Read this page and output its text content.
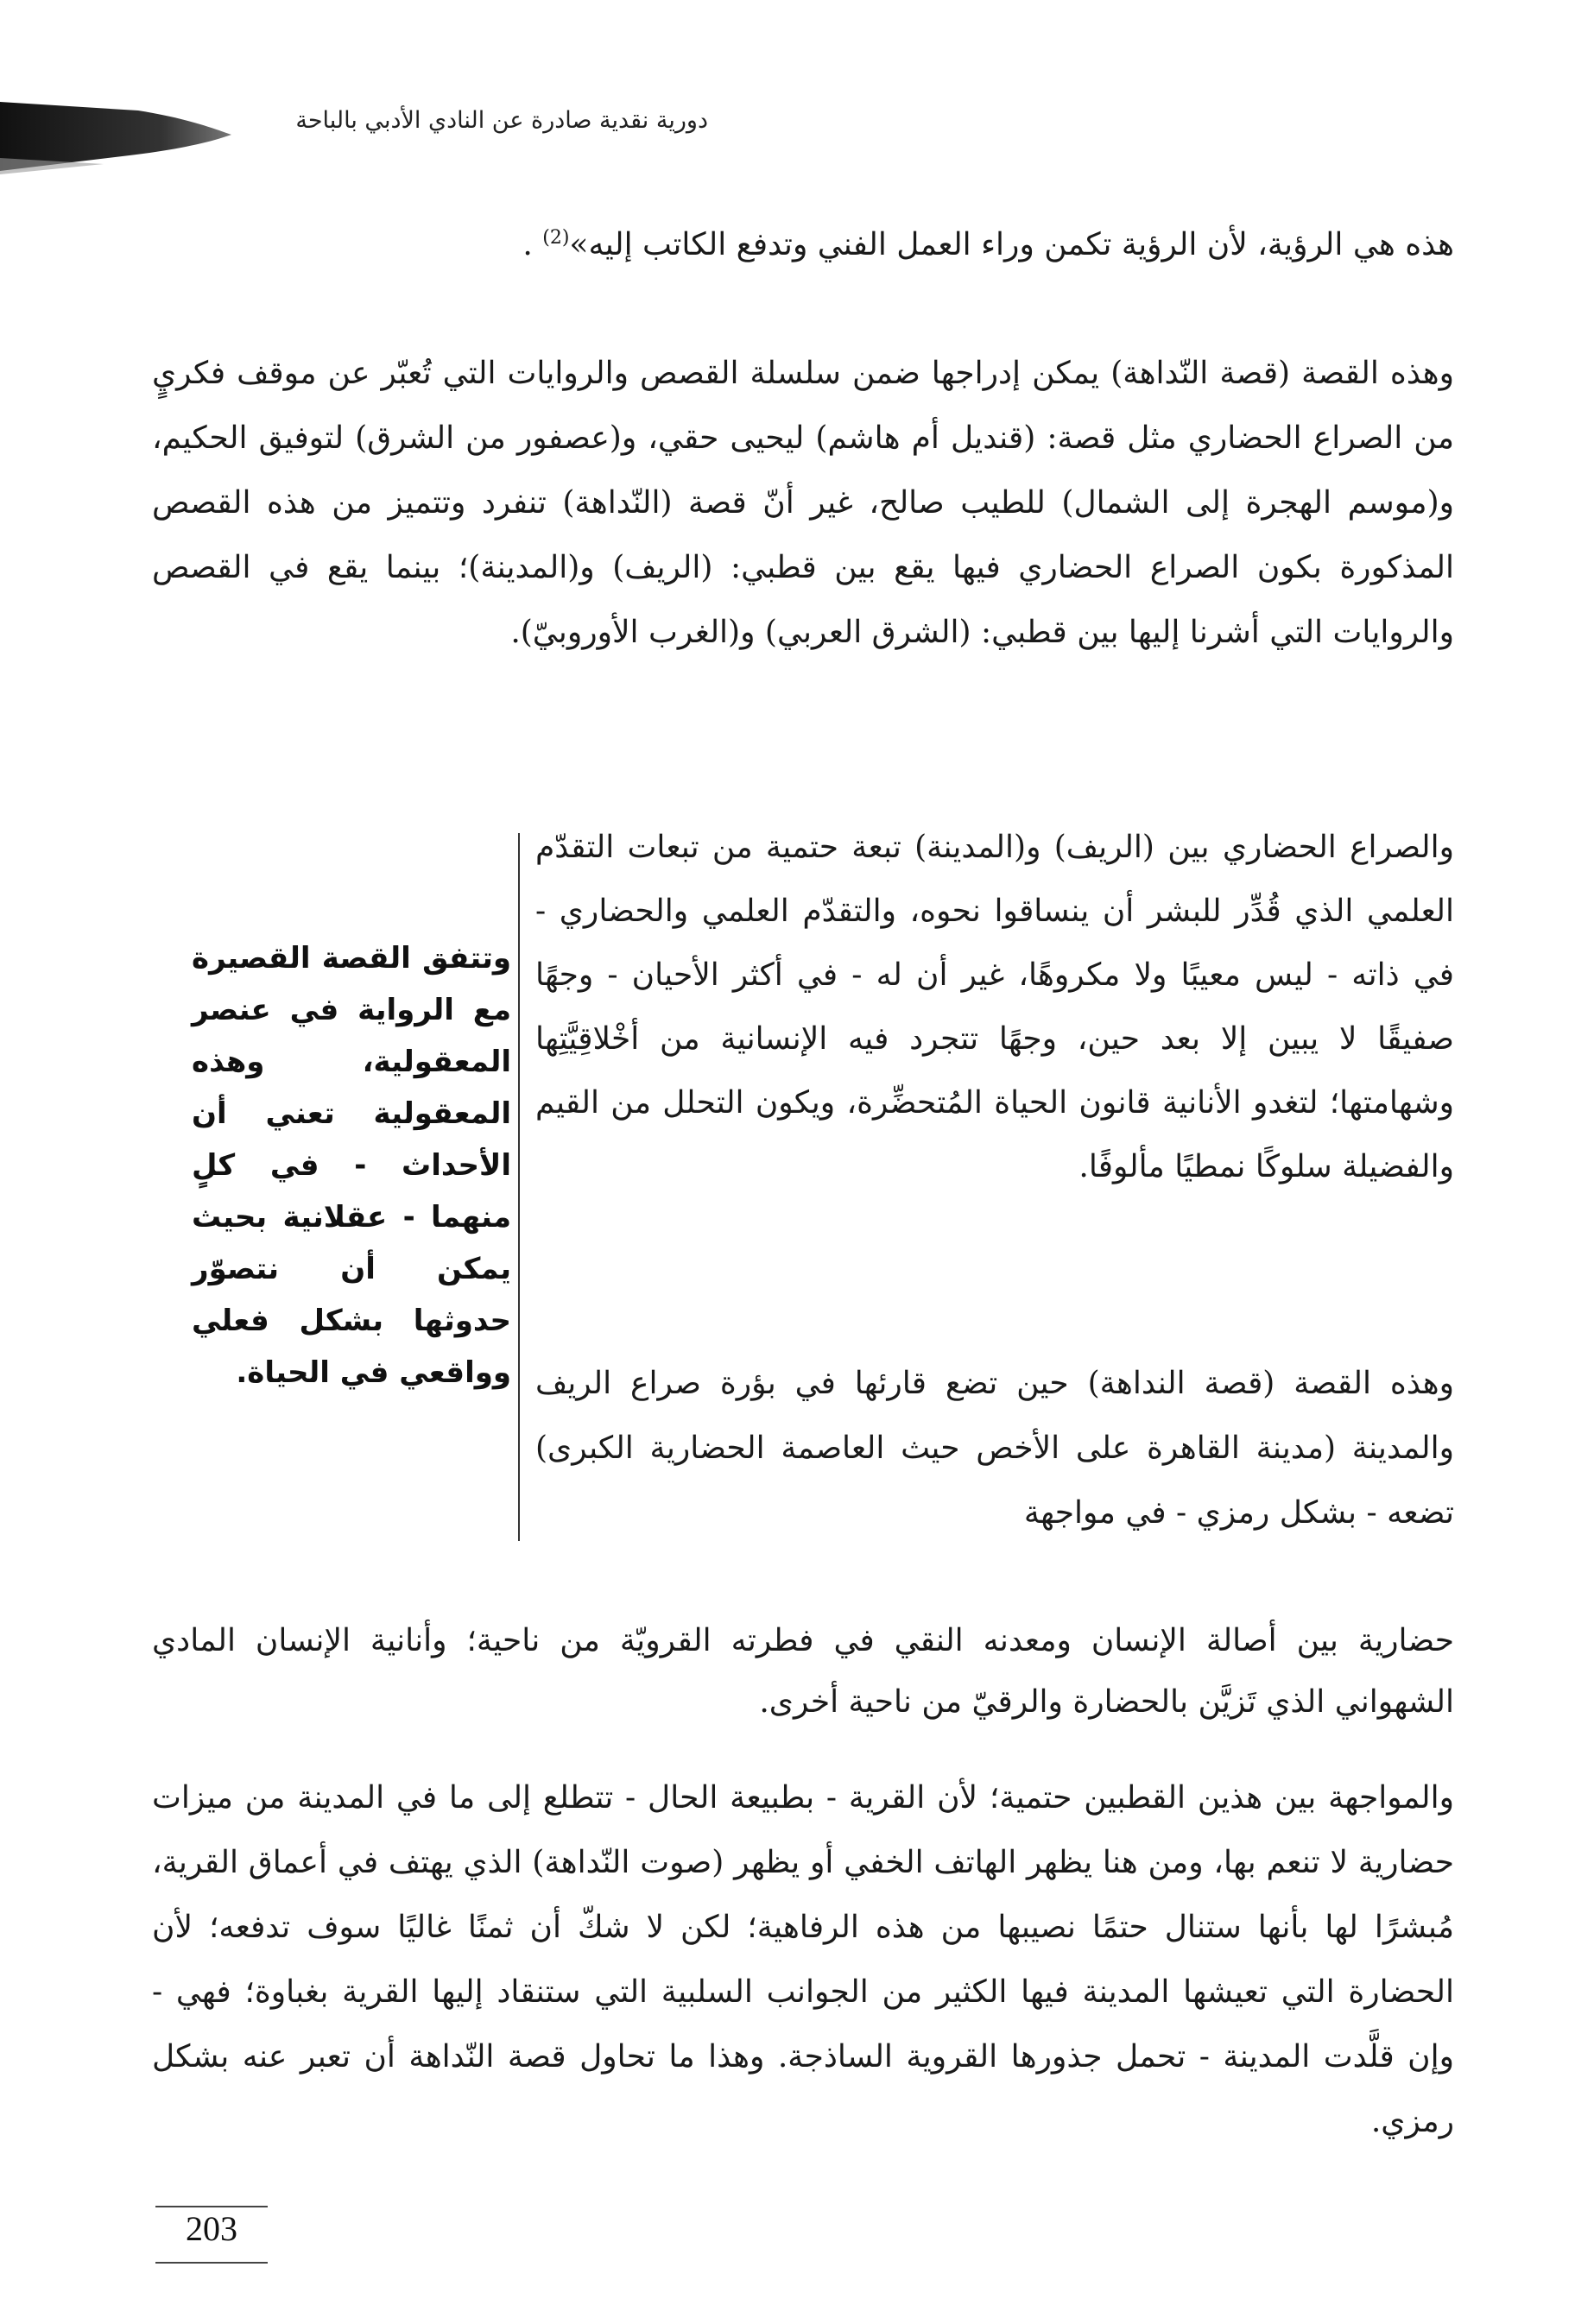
دورية نقدية صادرة عن النادي الأدبي بالباحة

هذه هي الرؤية، لأن الرؤية تكمن وراء العمل الفني وتدفع الكاتب إليه»$^{(2)}$ .

وهذه القصة (قصة النّداهة) يمكن إدراجها ضمن سلسلة القصص والروايات التي تُعبّر عن موقف فكريٍ من الصراع الحضاري مثل قصة: (قنديل أم هاشم) ليحيى حقي، و(عصفور من الشرق) لتوفيق الحكيم، و(موسم الهجرة إلى الشمال) للطيب صالح، غير أنّ قصة (النّداهة) تنفرد وتتميز من هذه القصص المذكورة بكون الصراع الحضاري فيها يقع بين قطبي: (الريف) و(المدينة)؛ بينما يقع في القصص والروايات التي أشرنا إليها بين قطبي: (الشرق العربي) و(الغرب الأوروبيّ).

والصراع الحضاري بين (الريف) و(المدينة) تبعة حتمية من تبعات التقدّم العلمي الذي قُدِّر للبشر أن ينساقوا نحوه، والتقدّم العلمي والحضاري - في ذاته - ليس معيبًا ولا مكروهًا، غير أن له - في أكثر الأحيان - وجهًا صفيقًا لا يبين إلا بعد حين، وجهًا تتجرد فيه الإنسانية من أخْلاقِيَّتِها وشهامتها؛ لتغدو الأنانية قانون الحياة المُتحضِّرة، ويكون التحلل من القيم والفضيلة سلوكًا نمطيًا مألوفًا.

وهذه القصة (قصة النداهة) حين تضع قارئها في بؤرة صراع الريف والمدينة (مدينة القاهرة على الأخص حيث العاصمة الحضارية الكبرى) تضعه - بشكل رمزي - في مواجهة

حضارية بين أصالة الإنسان ومعدنه النقي في فطرته القرويّة من ناحية؛ وأنانية الإنسان المادي الشهواني الذي تَزيَّن بالحضارة والرقيّ من ناحية أخرى.

وتتفق القصة القصيرة مع الرواية في عنصر المعقولية، وهذه المعقولية تعني أن الأحداث - في كلٍ منهما - عقلانية بحيث يمكن أن نتصوّر حدوثها بشكل فعلي وواقعي في الحياة.

والمواجهة بين هذين القطبين حتمية؛ لأن القرية - بطبيعة الحال - تتطلع إلى ما في المدينة من ميزات حضارية لا تنعم بها، ومن هنا يظهر الهاتف الخفي أو يظهر (صوت النّداهة) الذي يهتف في أعماق القرية، مُبشرًا لها بأنها ستنال حتمًا نصيبها من هذه الرفاهية؛ لكن لا شكّ أن ثمنًا غاليًا سوف تدفعه؛ لأن الحضارة التي تعيشها المدينة فيها الكثير من الجوانب السلبية التي ستنقاد إليها القرية بغباوة؛ فهي - وإن قلَّدت المدينة - تحمل جذورها القروية الساذجة. وهذا ما تحاول قصة النّداهة أن تعبر عنه بشكل رمزي.

203
